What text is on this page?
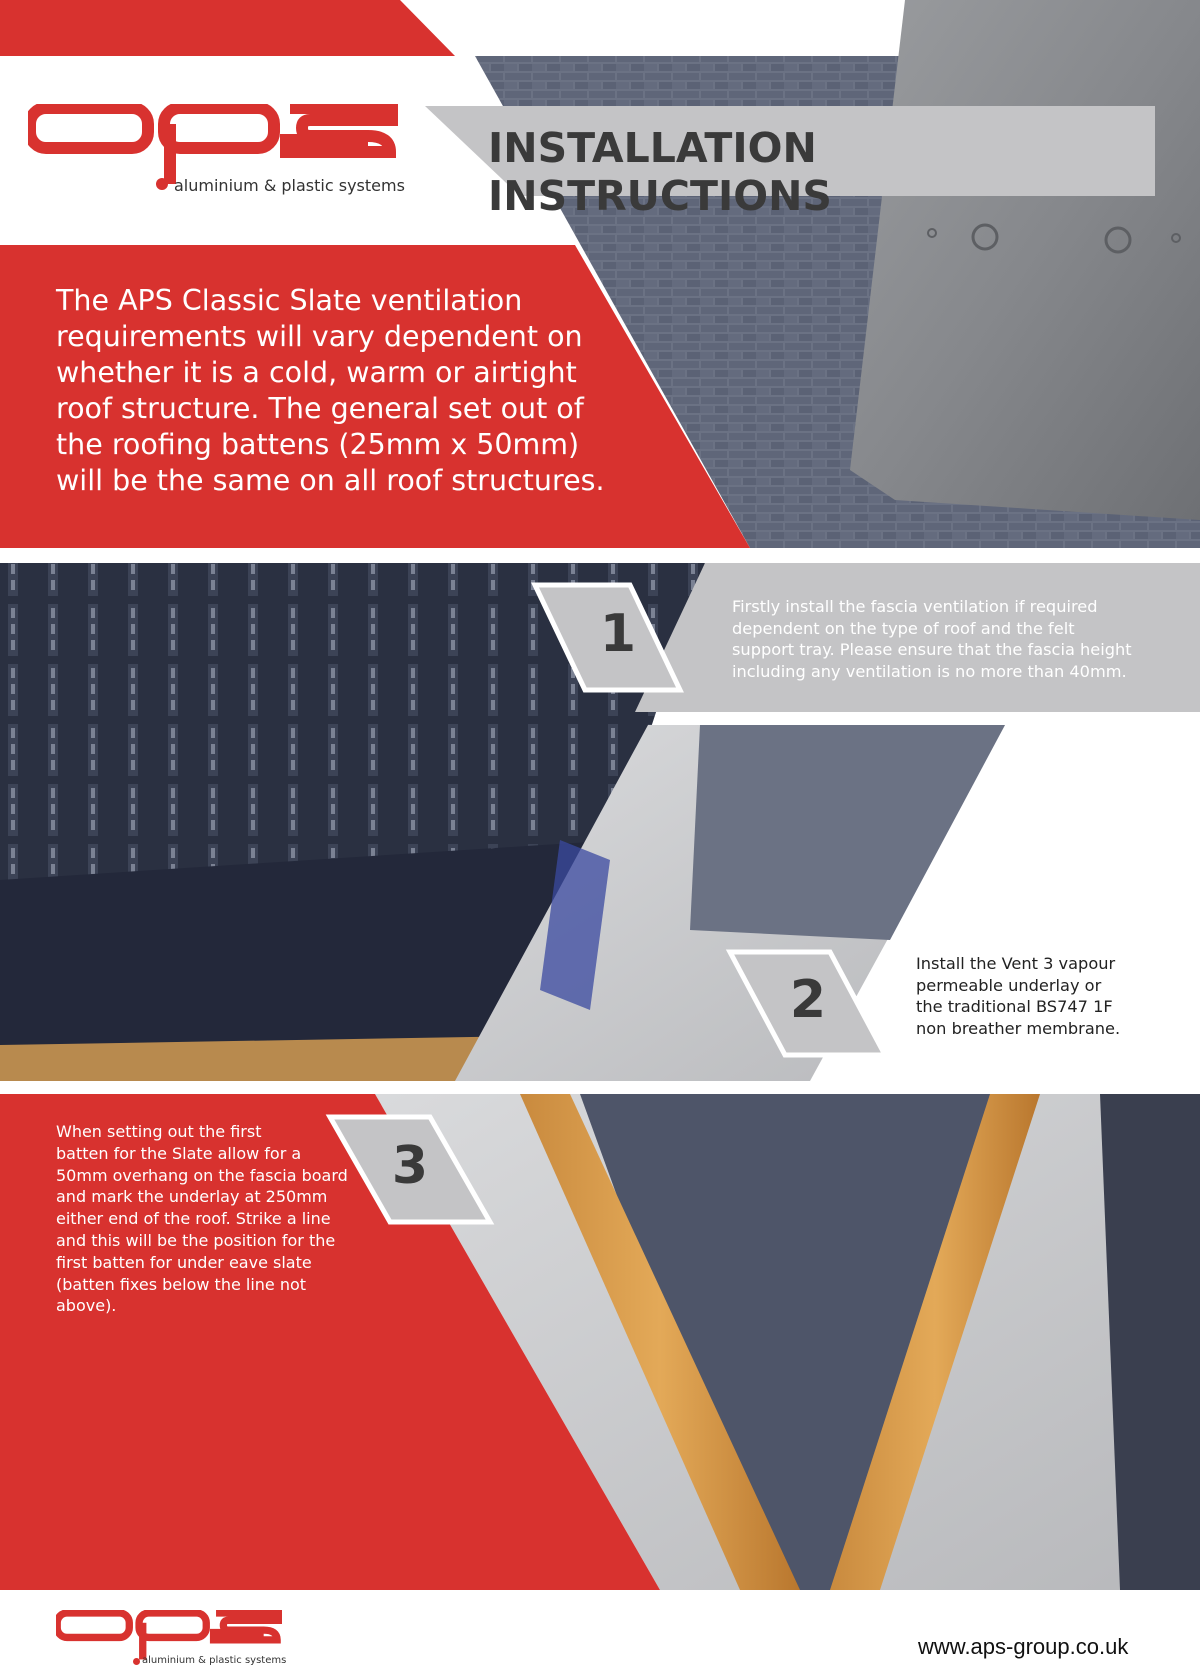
aluminium & plastic systems
INSTALLATION INSTRUCTIONS
The APS Classic Slate ventilation
requirements will vary dependent on
whether it is a cold, warm or airtight
roof structure. The general set out of
the roofing battens (25mm x 50mm)
will be the same on all roof structures.
1	Firstly install the fascia ventilation if required
dependent on the type of roof and the felt
support tray. Please ensure that the fascia height
including any ventilation is no more than 40mm.
2
Install the Vent 3 vapour
permeable underlay or
the traditional BS747 1F
non breather membrane.
3
When setting out the first
batten for the Slate allow for a
50mm overhang on the fascia board
and mark the underlay at 250mm
either end of the roof. Strike a line
and this will be the position for the
first batten for under eave slate
(batten fixes below the line not
above).
aluminium & plastic systems
www.aps-group.co.uk
